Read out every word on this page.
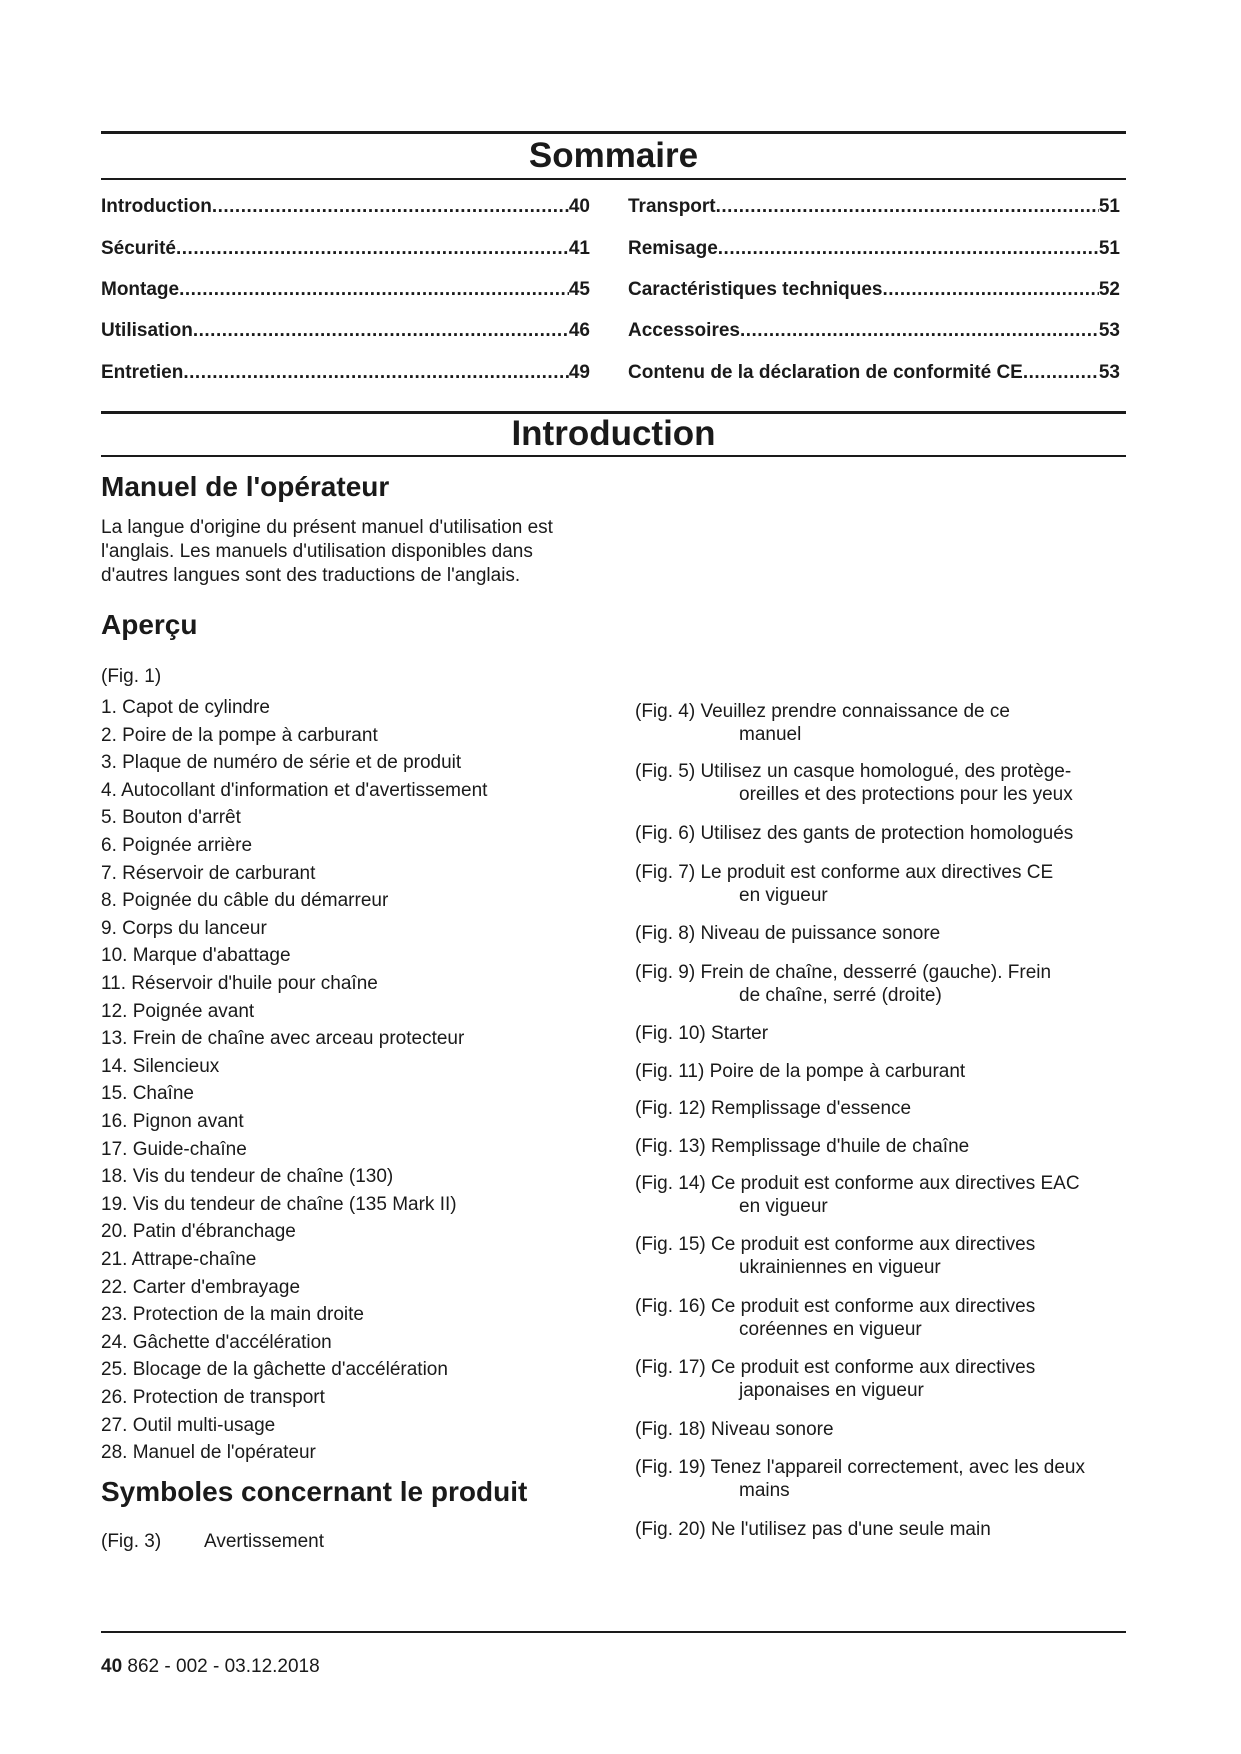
Sommaire
Introduction .....	40
Sécurité .....	41
Montage .....	45
Utilisation .....	46
Entretien .....	49
Transport .....	51
Remisage .....	51
Caractéristiques techniques .....	52
Accessoires .....	53
Contenu de la déclaration de conformité CE .....	53
Introduction
Manuel de l'opérateur
La langue d'origine du présent manuel d'utilisation est
l'anglais. Les manuels d'utilisation disponibles dans
d'autres langues sont des traductions de l'anglais.
Aperçu
(Fig. 1)
1. Capot de cylindre
2. Poire de la pompe à carburant
3. Plaque de numéro de série et de produit
4. Autocollant d'information et d'avertissement
5. Bouton d'arrêt
6. Poignée arrière
7. Réservoir de carburant
8. Poignée du câble du démarreur
9. Corps du lanceur
10. Marque d'abattage
11. Réservoir d'huile pour chaîne
12. Poignée avant
13. Frein de chaîne avec arceau protecteur
14. Silencieux
15. Chaîne
16. Pignon avant
17. Guide-chaîne
18. Vis du tendeur de chaîne (130)
19. Vis du tendeur de chaîne (135 Mark II)
20. Patin d'ébranchage
21. Attrape-chaîne
22. Carter d'embrayage
23. Protection de la main droite
24. Gâchette d'accélération
25. Blocage de la gâchette d'accélération
26. Protection de transport
27. Outil multi-usage
28. Manuel de l'opérateur
Symboles concernant le produit
(Fig. 3) Avertissement
(Fig. 4) Veuillez prendre connaissance de ce
manuel
(Fig. 5) Utilisez un casque homologué, des protège-
oreilles et des protections pour les yeux
(Fig. 6) Utilisez des gants de protection homologués
(Fig. 7) Le produit est conforme aux directives CE
en vigueur
(Fig. 8) Niveau de puissance sonore
(Fig. 9) Frein de chaîne, desserré (gauche). Frein
de chaîne, serré (droite)
(Fig. 10) Starter
(Fig. 11) Poire de la pompe à carburant
(Fig. 12) Remplissage d'essence
(Fig. 13) Remplissage d'huile de chaîne
(Fig. 14) Ce produit est conforme aux directives EAC
en vigueur
(Fig. 15) Ce produit est conforme aux directives
ukrainiennes en vigueur
(Fig. 16) Ce produit est conforme aux directives
coréennes en vigueur
(Fig. 17) Ce produit est conforme aux directives
japonaises en vigueur
(Fig. 18) Niveau sonore
(Fig. 19) Tenez l'appareil correctement, avec les deux
mains
(Fig. 20) Ne l'utilisez pas d'une seule main
40 862 - 002 - 03.12.2018
